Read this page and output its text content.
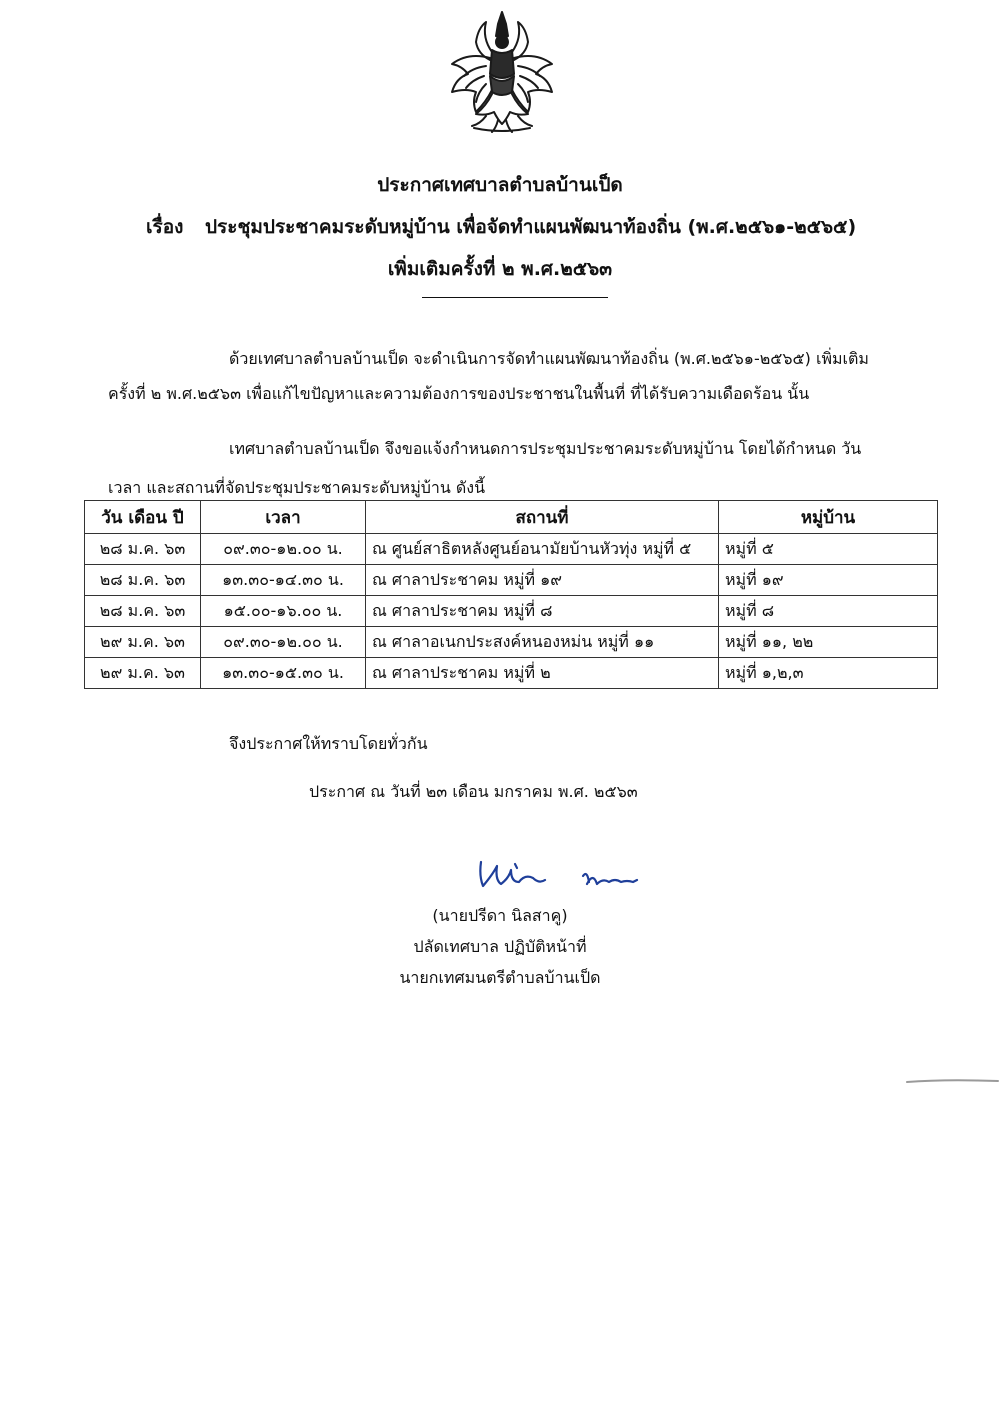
ประกาศเทศบาลตำบลบ้านเป็ด
เรื่อง ประชุมประชาคมระดับหมู่บ้าน เพื่อจัดทำแผนพัฒนาท้องถิ่น (พ.ศ.๒๕๖๑-๒๕๖๕)
เพิ่มเติมครั้งที่ ๒ พ.ศ.๒๕๖๓
ด้วยเทศบาลตำบลบ้านเป็ด จะดำเนินการจัดทำแผนพัฒนาท้องถิ่น (พ.ศ.๒๕๖๑-๒๕๖๕) เพิ่มเติม
ครั้งที่ ๒ พ.ศ.๒๕๖๓ เพื่อแก้ไขปัญหาและความต้องการของประชาชนในพื้นที่ ที่ได้รับความเดือดร้อน นั้น
เทศบาลตำบลบ้านเป็ด จึงขอแจ้งกำหนดการประชุมประชาคมระดับหมู่บ้าน โดยได้กำหนด วัน
เวลา และสถานที่จัดประชุมประชาคมระดับหมู่บ้าน ดังนี้
วัน เดือน ปี	เวลา	สถานที่	หมู่บ้าน
๒๘ ม.ค. ๖๓	๐๙.๓๐-๑๒.๐๐ น.	ณ ศูนย์สาธิตหลังศูนย์อนามัยบ้านหัวทุ่ง หมู่ที่ ๕	หมู่ที่ ๕
๒๘ ม.ค. ๖๓	๑๓.๓๐-๑๔.๓๐ น.	ณ ศาลาประชาคม หมู่ที่ ๑๙	หมู่ที่ ๑๙
๒๘ ม.ค. ๖๓	๑๕.๐๐-๑๖.๐๐ น.	ณ ศาลาประชาคม หมู่ที่ ๘	หมู่ที่ ๘
๒๙ ม.ค. ๖๓	๐๙.๓๐-๑๒.๐๐ น.	ณ ศาลาอเนกประสงค์หนองหม่น หมู่ที่ ๑๑	หมู่ที่ ๑๑, ๒๒
๒๙ ม.ค. ๖๓	๑๓.๓๐-๑๕.๓๐ น.	ณ ศาลาประชาคม หมู่ที่ ๒	หมู่ที่ ๑,๒,๓
จึงประกาศให้ทราบโดยทั่วกัน
ประกาศ ณ วันที่ ๒๓ เดือน มกราคม พ.ศ. ๒๕๖๓
(นายปรีดา นิลสาคู)
ปลัดเทศบาล ปฏิบัติหน้าที่
นายกเทศมนตรีตำบลบ้านเป็ด
